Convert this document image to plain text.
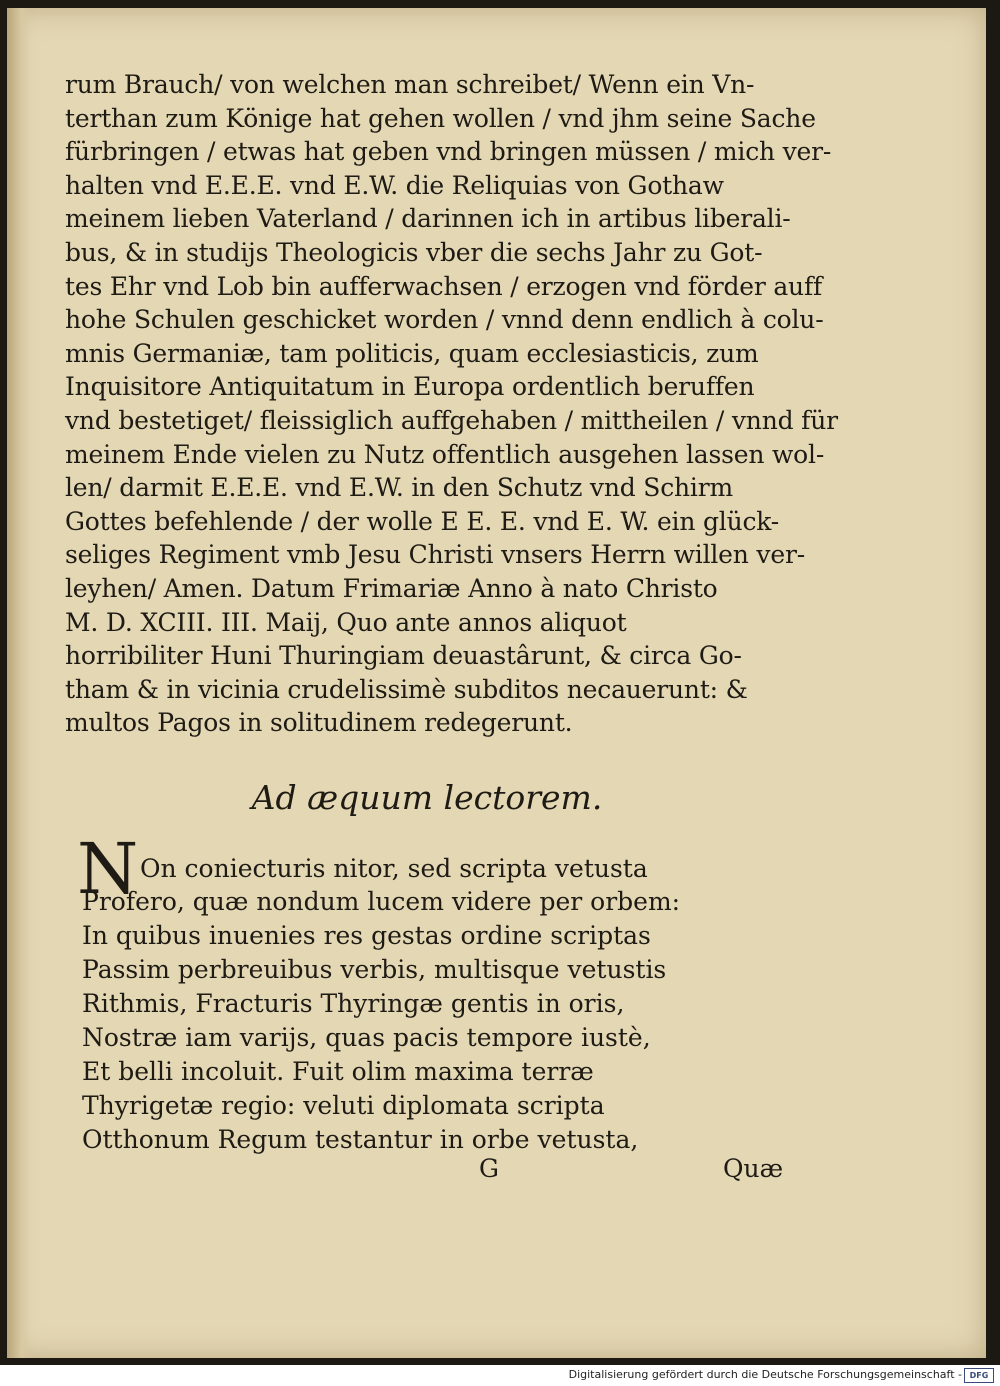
rum Brauch/ von welchen man schreibet/ Wenn ein Vn-
terthan zum Könige hat gehen wollen / vnd jhm seine Sache
fürbringen / etwas hat geben vnd bringen müssen / mich ver-
halten vnd E.E.E. vnd E.W. die Reliquias von Gothaw
meinem lieben Vaterland / darinnen ich in artibus liberali-
bus, & in studijs Theologicis vber die sechs Jahr zu Got-
tes Ehr vnd Lob bin aufferwachsen / erzogen vnd förder auff
hohe Schulen geschicket worden / vnnd denn endlich à colu-
mnis Germaniæ, tam politicis, quam ecclesiasticis, zum
Inquisitore Antiquitatum in Europa ordentlich beruffen
vnd bestetiget/ fleissiglich auffgehaben / mittheilen / vnnd für
meinem Ende vielen zu Nutz offentlich ausgehen lassen wol-
len/ darmit E.E.E. vnd E.W. in den Schutz vnd Schirm
Gottes befehlende / der wolle E E. E. vnd E. W. ein glück-
seliges Regiment vmb Jesu Christi vnsers Herrn willen ver-
leyhen/ Amen. Datum Frimariæ Anno à nato Christo
M. D. XCIII. III. Maij, Quo ante annos aliquot
horribiliter Huni Thuringiam deuastârunt, & circa Go-
tham & in vicinia crudelissimè subditos necauerunt: &
multos Pagos in solitudinem redegerunt.
Ad æquum lectorem.
N On coniecturis nitor, sed scripta vetusta
Profero, quæ nondum lucem videre per orbem:
In quibus inuenies res gestas ordine scriptas
Passim perbreuibus verbis, multisque vetustis
Rithmis, Fracturis Thyringæ gentis in oris,
Nostræ iam varijs, quas pacis tempore iustè,
Et belli incoluit. Fuit olim maxima terræ
Thyrigetæ regio: veluti diplomata scripta
Otthonum Regum testantur in orbe vetusta,
G	Quæ
Digitalisierung gefördert durch die Deutsche Forschungsgemeinschaft - DFG
